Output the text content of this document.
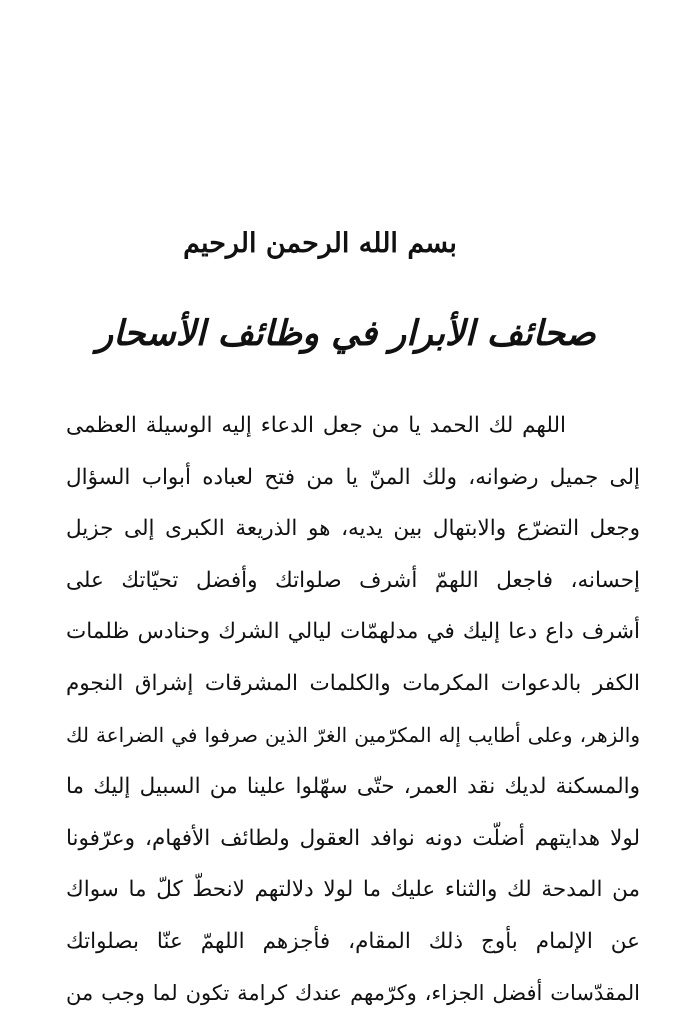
بسم الله الرحمن الرحيم
صحائف الأبرار في وظائف الأسحار
اللهم لك الحمد يا من جعل الدعاء إليه الوسيلة العظمى
إلى جميل رضوانه، ولك المنّ يا من فتح لعباده أبواب السؤال
وجعل التضرّع والابتهال بين يديه، هو الذريعة الكبرى إلى جزيل
إحسانه، فاجعل اللهمّ أشرف صلواتك وأفضل تحيّاتك على
أشرف داع دعا إليك في مدلهمّات ليالي الشرك وحنادس ظلمات
الكفر بالدعوات المكرمات والكلمات المشرقات إشراق النجوم
والزهر، وعلى أطايب إله المكرّمين الغرّ الذين صرفوا في الضراعة لك
والمسكنة لديك نقد العمر، حتّى سهّلوا علينا من السبيل إليك ما
لولا هدايتهم أضلّت دونه نوافد العقول ولطائف الأفهام، وعرّفونا
من المدحة لك والثناء عليك ما لولا دلالتهم لانحطّ كلّ ما سواك
عن الإلمام بأوج ذلك المقام، فأجزهم اللهمّ عنّا بصلواتك
المقدّسات أفضل الجزاء، وكرّمهم عندك كرامة تكون لما وجب من
